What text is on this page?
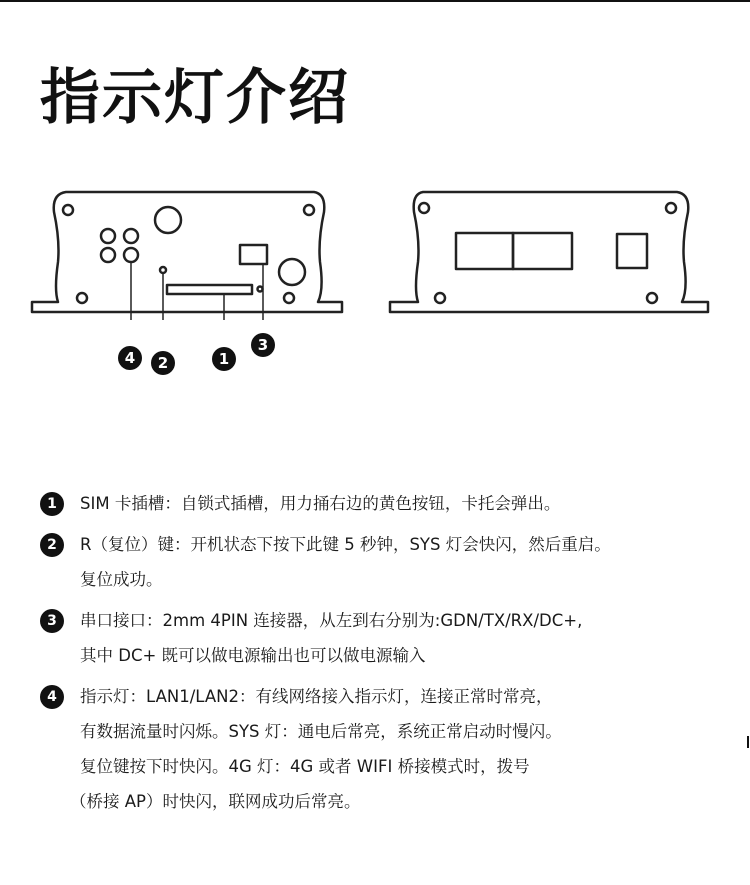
指示灯介绍
4	2	1
3
1	SIM 卡插槽：自锁式插槽，用力捅右边的黄色按钮，卡托会弹出。
2	R（复位）键：开机状态下按下此键 5 秒钟，SYS 灯会快闪，然后重启。
复位成功。
3	串口接口：2mm 4PIN 连接器，从左到右分别为:GDN/TX/RX/DC+,
其中 DC+ 既可以做电源输出也可以做电源输入
4	指示灯：LAN1/LAN2：有线网络接入指示灯，连接正常时常亮，
有数据流量时闪烁。SYS 灯：通电后常亮，系统正常启动时慢闪。
复位键按下时快闪。4G 灯：4G 或者 WIFI 桥接模式时，拨号
（桥接 AP）时快闪，联网成功后常亮。
